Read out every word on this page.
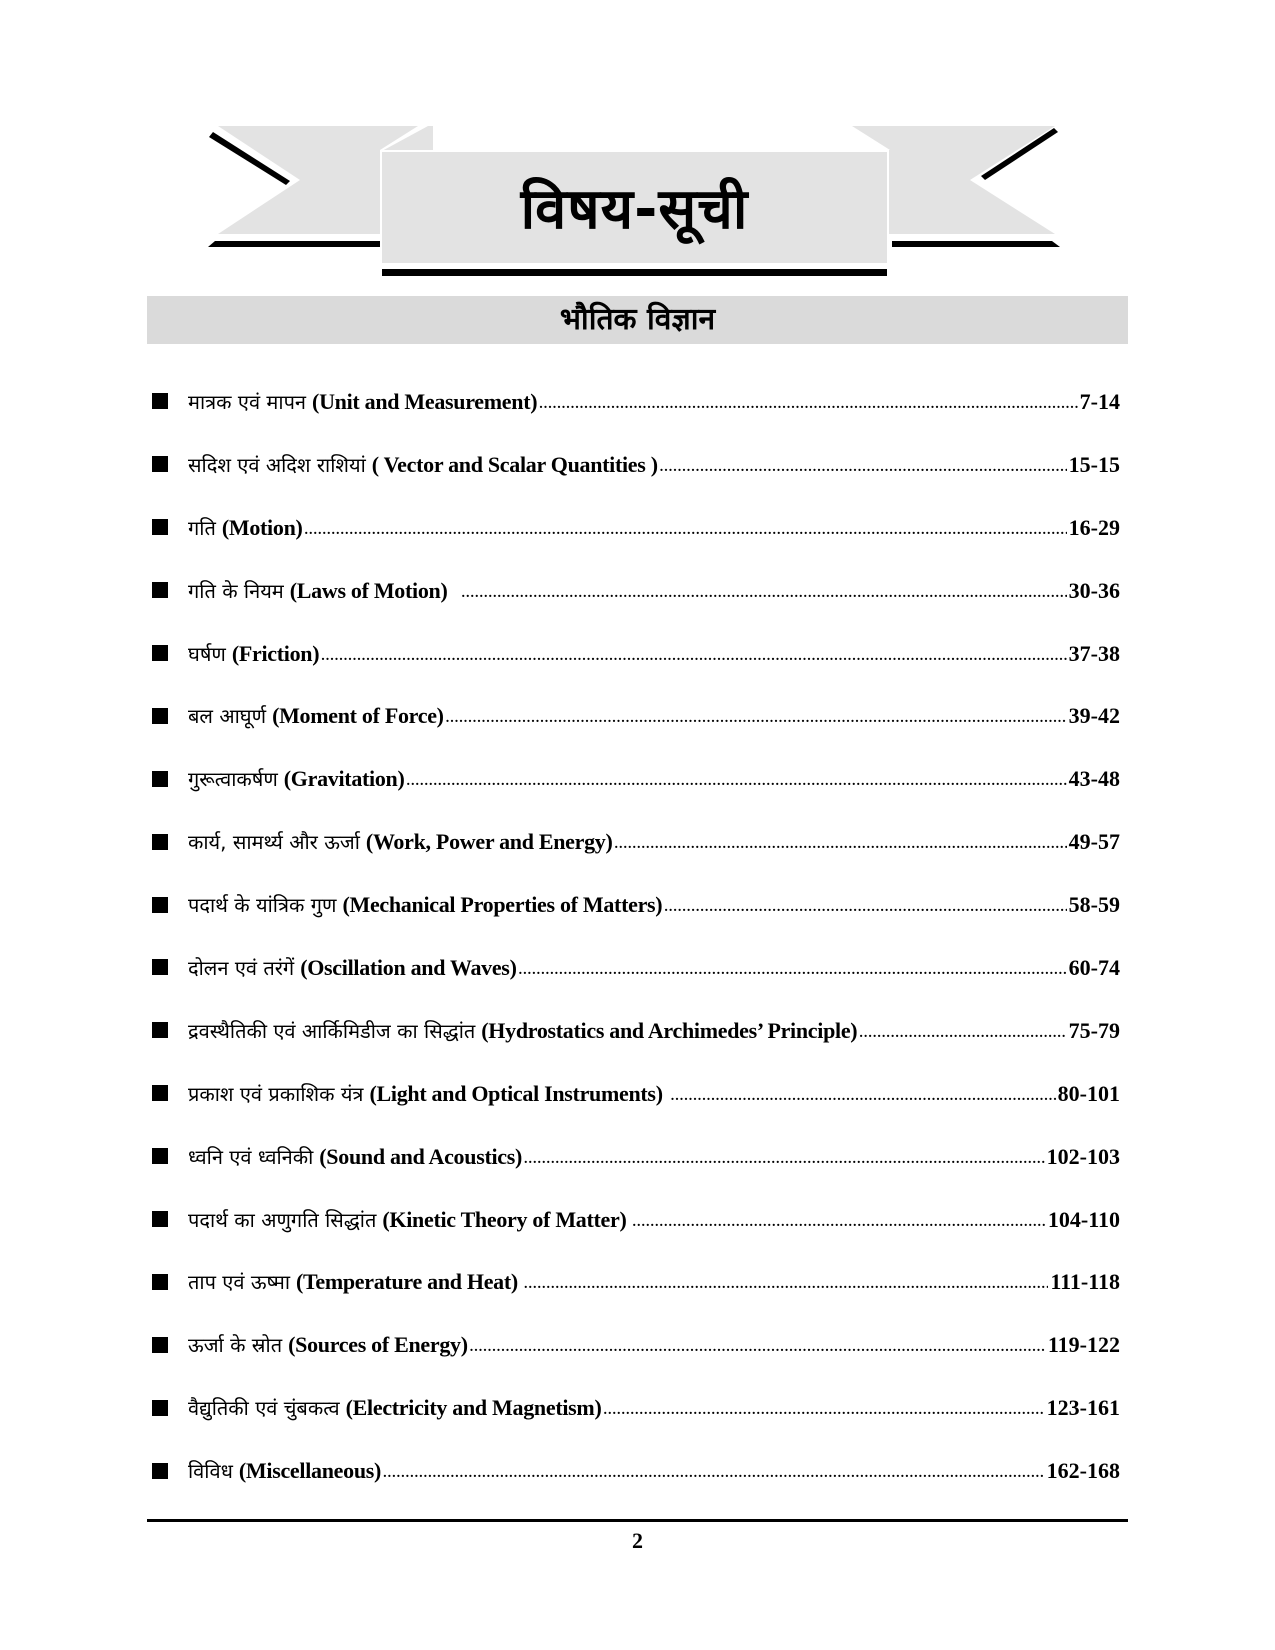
विषय-सूची
भौतिक विज्ञान
मात्रक एवं मापन (Unit and Measurement) .....	7-14
सदिश एवं अदिश राशियां ( Vector and Scalar Quantities ) .....	15-15
गति (Motion) .....	16-29
गति के नियम (Laws of Motion) .....	30-36
घर्षण (Friction) .....	37-38
बल आघूर्ण (Moment of Force) .....	39-42
गुरूत्वाकर्षण (Gravitation) .....	43-48
कार्य, सामर्थ्य और ऊर्जा (Work, Power and Energy) .....	49-57
पदार्थ के यांत्रिक गुण (Mechanical Properties of Matters) .....	58-59
दोलन एवं तरंगें (Oscillation and Waves) .....	60-74
द्रवस्थैतिकी एवं आर्किमिडीज का सिद्धांत (Hydrostatics and Archimedes’ Principle) .....	75-79
प्रकाश एवं प्रकाशिक यंत्र (Light and Optical Instruments) .....	80-101
ध्वनि एवं ध्वनिकी (Sound and Acoustics) .....	102-103
पदार्थ का अणुगति सिद्धांत (Kinetic Theory of Matter) .....	104-110
ताप एवं ऊष्मा (Temperature and Heat) .....	111-118
ऊर्जा के स्रोत (Sources of Energy) .....	119-122
वैद्युतिकी एवं चुंबकत्व (Electricity and Magnetism) .....	123-161
विविध (Miscellaneous) .....	162-168
2
